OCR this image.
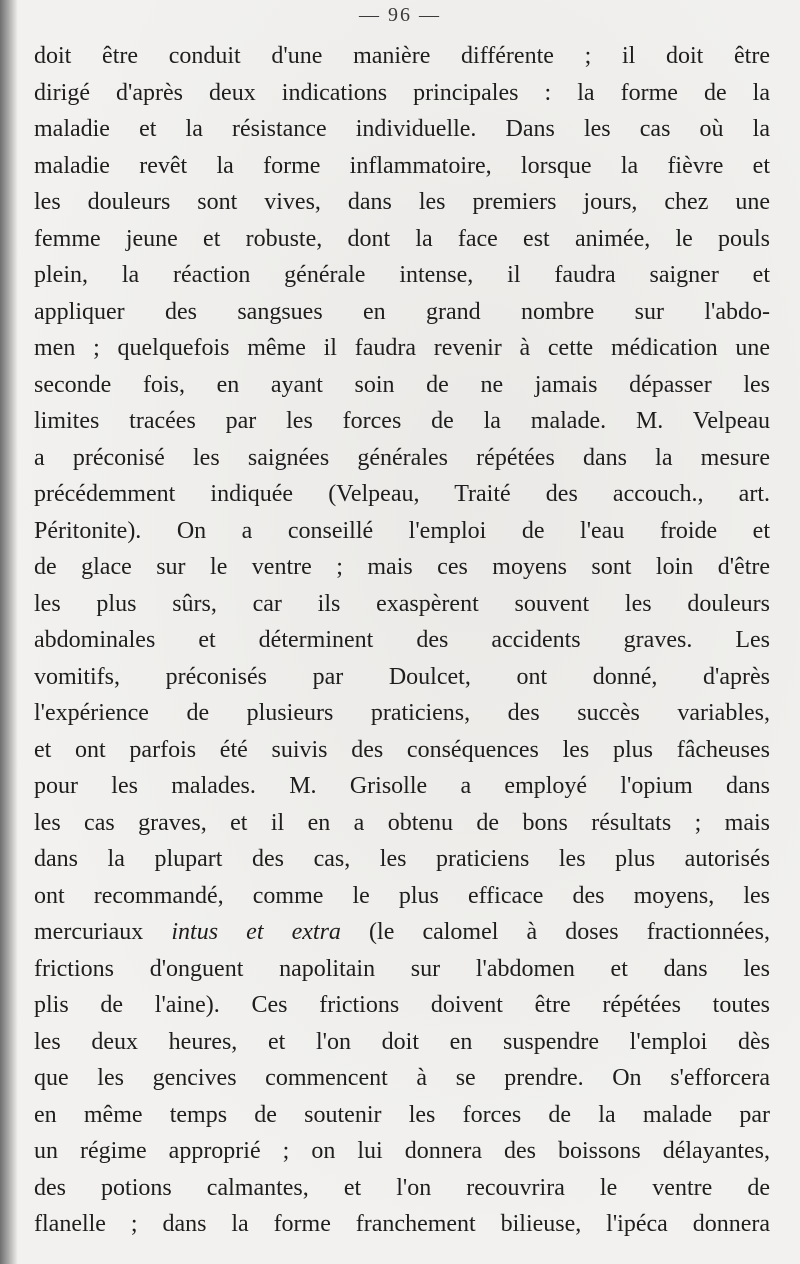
— 96 —
doit être conduit d'une manière différente ; il doit être
dirigé d'après deux indications principales : la forme de la
maladie et la résistance individuelle. Dans les cas où la
maladie revêt la forme inflammatoire, lorsque la fièvre et
les douleurs sont vives, dans les premiers jours, chez une
femme jeune et robuste, dont la face est animée, le pouls
plein, la réaction générale intense, il faudra saigner et
appliquer des sangsues en grand nombre sur l'abdo-
men ; quelquefois même il faudra revenir à cette médication une
seconde fois, en ayant soin de ne jamais dépasser les
limites tracées par les forces de la malade. M. Velpeau
a préconisé les saignées générales répétées dans la mesure
précédemment indiquée (Velpeau, Traité des accouch., art.
Péritonite). On a conseillé l'emploi de l'eau froide et
de glace sur le ventre ; mais ces moyens sont loin d'être
les plus sûrs, car ils exaspèrent souvent les douleurs
abdominales et déterminent des accidents graves. Les
vomitifs, préconisés par Doulcet, ont donné, d'après
l'expérience de plusieurs praticiens, des succès variables,
et ont parfois été suivis des conséquences les plus fâcheuses
pour les malades. M. Grisolle a employé l'opium dans
les cas graves, et il en a obtenu de bons résultats ; mais
dans la plupart des cas, les praticiens les plus autorisés
ont recommandé, comme le plus efficace des moyens, les
mercuriaux intus et extra (le calomel à doses fractionnées,
frictions d'onguent napolitain sur l'abdomen et dans les
plis de l'aine). Ces frictions doivent être répétées toutes
les deux heures, et l'on doit en suspendre l'emploi dès
que les gencives commencent à se prendre. On s'efforcera
en même temps de soutenir les forces de la malade par
un régime approprié ; on lui donnera des boissons délayantes,
des potions calmantes, et l'on recouvrira le ventre de
flanelle ; dans la forme franchement bilieuse, l'ipéca donnera
